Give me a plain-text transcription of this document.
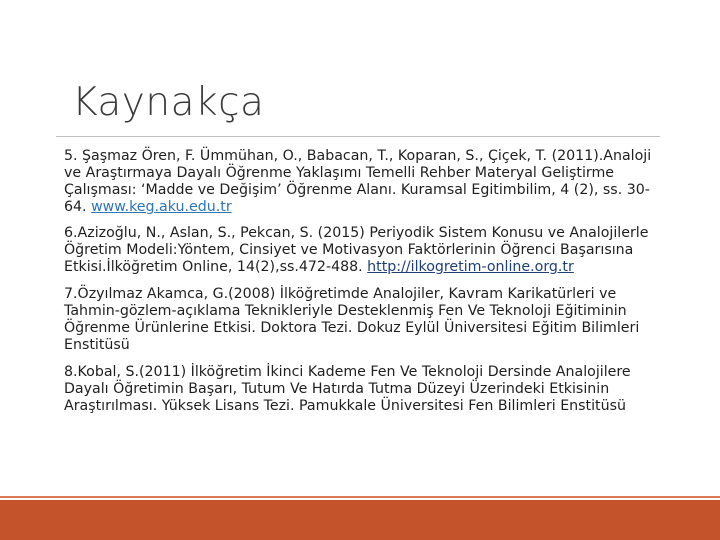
Kaynakça

5. Şaşmaz Ören, F. Ümmühan, O., Babacan, T., Koparan, S., Çiçek, T. (2011).Analoji ve Araştırmaya Dayalı Öğrenme Yaklaşımı Temelli Rehber Materyal Geliştirme Çalışması: ‘Madde ve Değişim’ Öğrenme Alanı. Kuramsal Egitimbilim, 4 (2), ss. 30-64. www.keg.aku.edu.tr

6.Azizoğlu, N., Aslan, S., Pekcan, S. (2015) Periyodik Sistem Konusu ve Analojilerle Öğretim Modeli:Yöntem, Cinsiyet ve Motivasyon Faktörlerinin Öğrenci Başarısına Etkisi.İlköğretim Online, 14(2),ss.472-488. http://ilkogretim-online.org.tr

7.Özyılmaz Akamca, G.(2008) İlköğretimde Analojiler, Kavram Karikatürleri ve Tahmin-gözlem-açıklama Teknikleriyle Desteklenmiş Fen Ve Teknoloji Eğitiminin Öğrenme Ürünlerine Etkisi. Doktora Tezi. Dokuz Eylül Üniversitesi Eğitim Bilimleri Enstitüsü

8.Kobal, S.(2011) İlköğretim İkinci Kademe Fen Ve Teknoloji Dersinde Analojilere Dayalı Öğretimin Başarı, Tutum Ve Hatırda Tutma Düzeyi Üzerindeki Etkisinin Araştırılması. Yüksek Lisans Tezi. Pamukkale Üniversitesi Fen Bilimleri Enstitüsü
